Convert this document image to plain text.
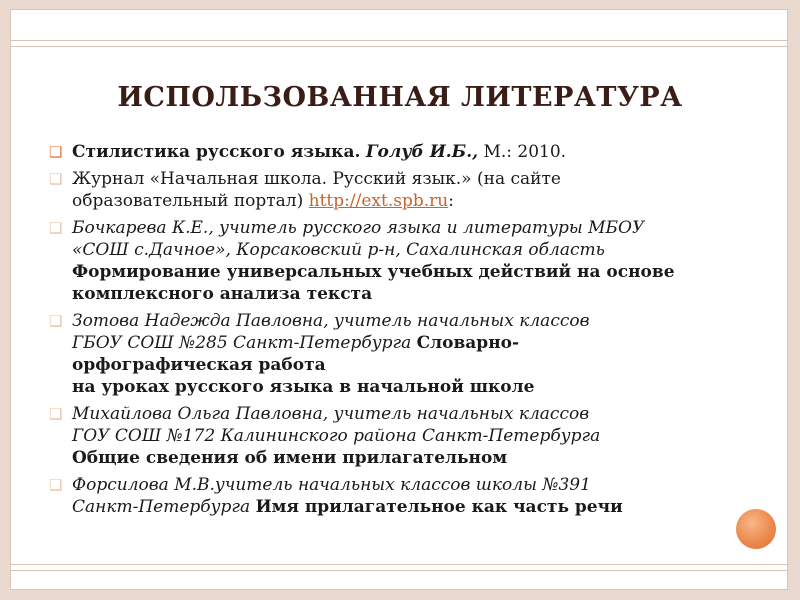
ИСПОЛЬЗОВАННАЯ ЛИТЕРАТУРА
❑ Стилистика русского языка. Голуб И.Б., М.: 2010.
❑ Журнал «Начальная школа. Русский язык.» (на сайте
образовательный портал) http://ext.spb.ru:
❑ Бочкарева К.Е., учитель русского языка и литературы МБОУ
«СОШ с.Дачное», Корсаковский р-н, Сахалинская область
Формирование универсальных учебных действий на основе комплексного анализа текста
❑ Зотова Надежда Павловна, учитель начальных классов
ГБОУ СОШ №285 Санкт-Петербурга Словарно-
орфографическая работа
на уроках русского языка в начальной школе
❑ Михайлова Ольга Павловна, учитель начальных классов
ГОУ СОШ №172 Калининского района Санкт-Петербурга
Общие сведения об имени прилагательном
❑ Форсилова М.В.учитель начальных классов школы №391
Санкт-Петербурга Имя прилагательное как часть речи
